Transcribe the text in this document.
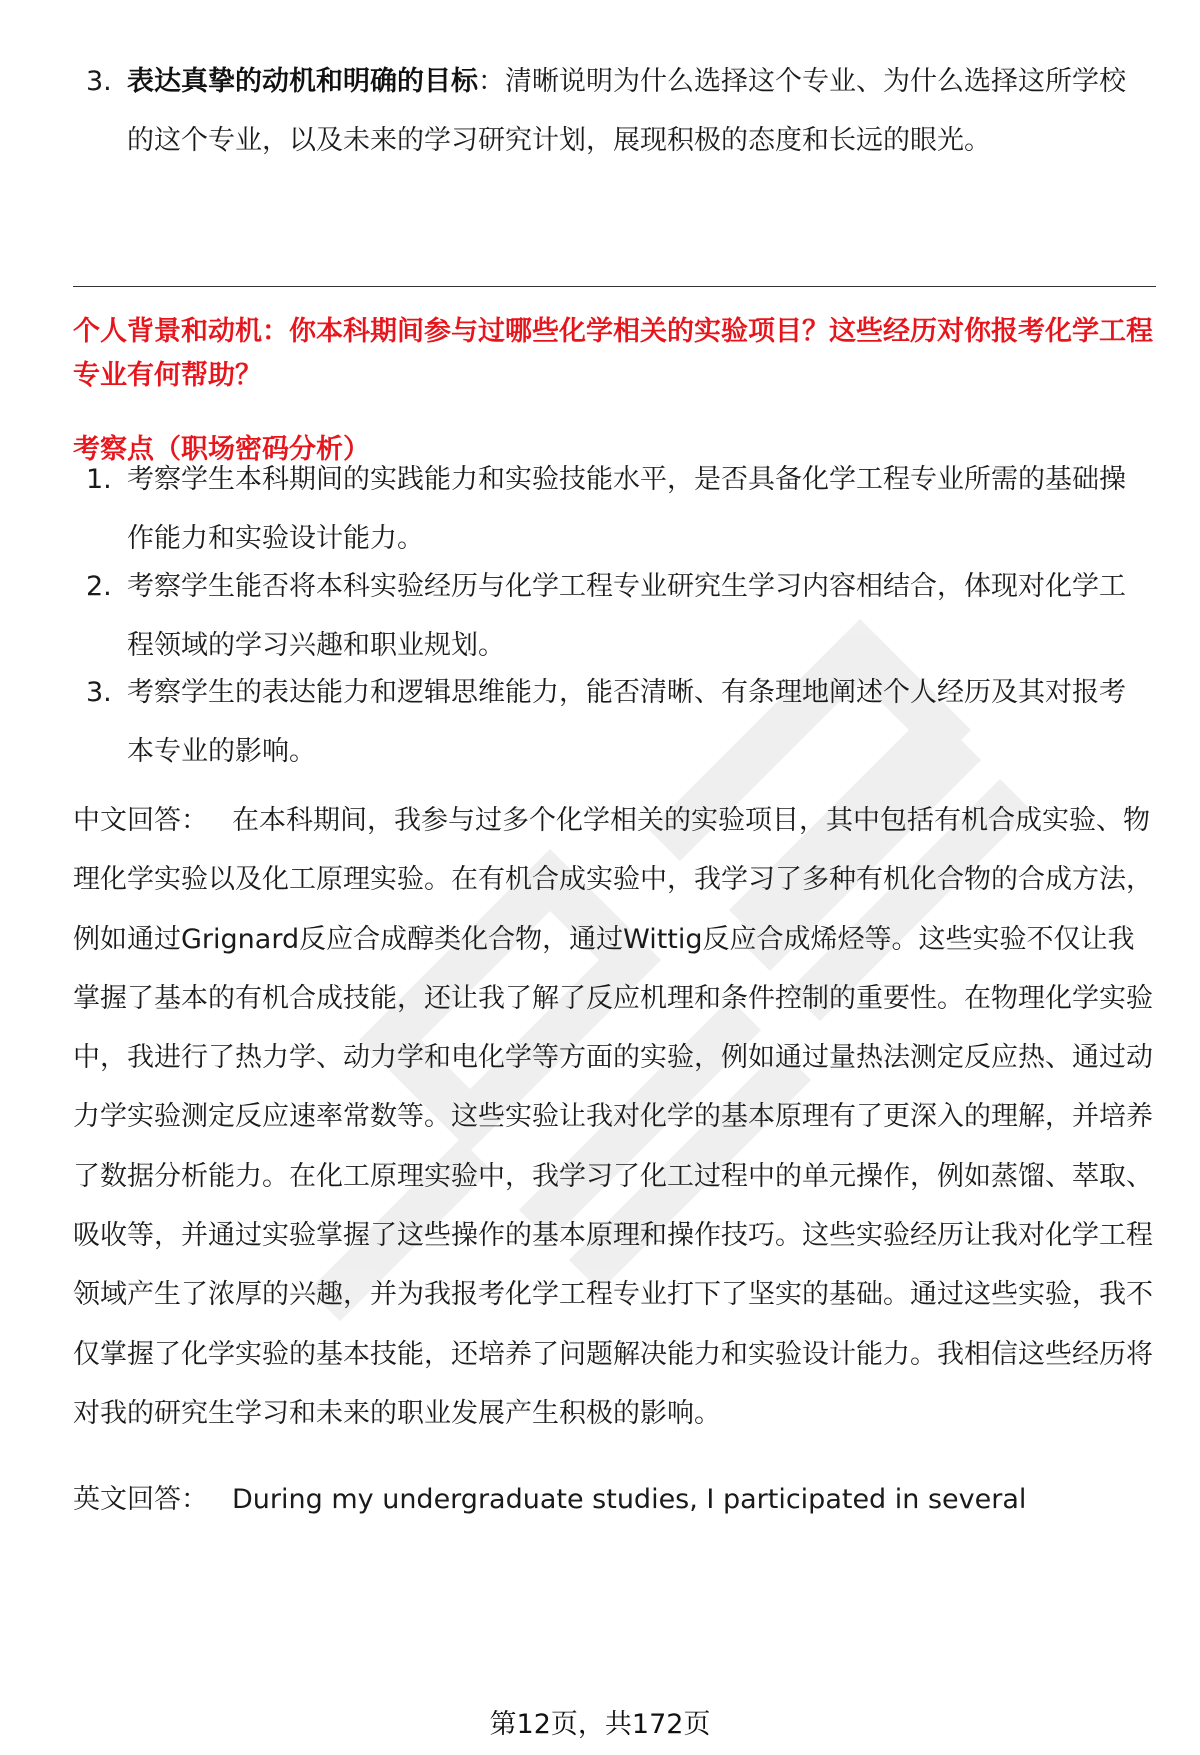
3. 表达真挚的动机和明确的目标：清晰说明为什么选择这个专业、为什么选择这所学校的这个专业，以及未来的学习研究计划，展现积极的态度和长远的眼光。
个人背景和动机：你本科期间参与过哪些化学相关的实验项目？这些经历对你报考化学工程专业有何帮助？
考察点（职场密码分析）
1. 考察学生本科期间的实践能力和实验技能水平，是否具备化学工程专业所需的基础操作能力和实验设计能力。
2. 考察学生能否将本科实验经历与化学工程专业研究生学习内容相结合，体现对化学工程领域的学习兴趣和职业规划。
3. 考察学生的表达能力和逻辑思维能力，能否清晰、有条理地阐述个人经历及其对报考本专业的影响。

中文回答： 在本科期间，我参与过多个化学相关的实验项目，其中包括有机合成实验、物理化学实验以及化工原理实验。在有机合成实验中，我学习了多种有机化合物的合成方法，例如通过Grignard反应合成醇类化合物，通过Wittig反应合成烯烃等。这些实验不仅让我掌握了基本的有机合成技能，还让我了解了反应机理和条件控制的重要性。在物理化学实验中，我进行了热力学、动力学和电化学等方面的实验，例如通过量热法测定反应热、通过动力学实验测定反应速率常数等。这些实验让我对化学的基本原理有了更深入的理解，并培养了数据分析能力。在化工原理实验中，我学习了化工过程中的单元操作，例如蒸馏、萃取、吸收等，并通过实验掌握了这些操作的基本原理和操作技巧。这些实验经历让我对化学工程领域产生了浓厚的兴趣，并为我报考化学工程专业打下了坚实的基础。通过这些实验，我不仅掌握了化学实验的基本技能，还培养了问题解决能力和实验设计能力。我相信这些经历将对我的研究生学习和未来的职业发展产生积极的影响。

英文回答： During my undergraduate studies, I participated in several

第12页，共172页
